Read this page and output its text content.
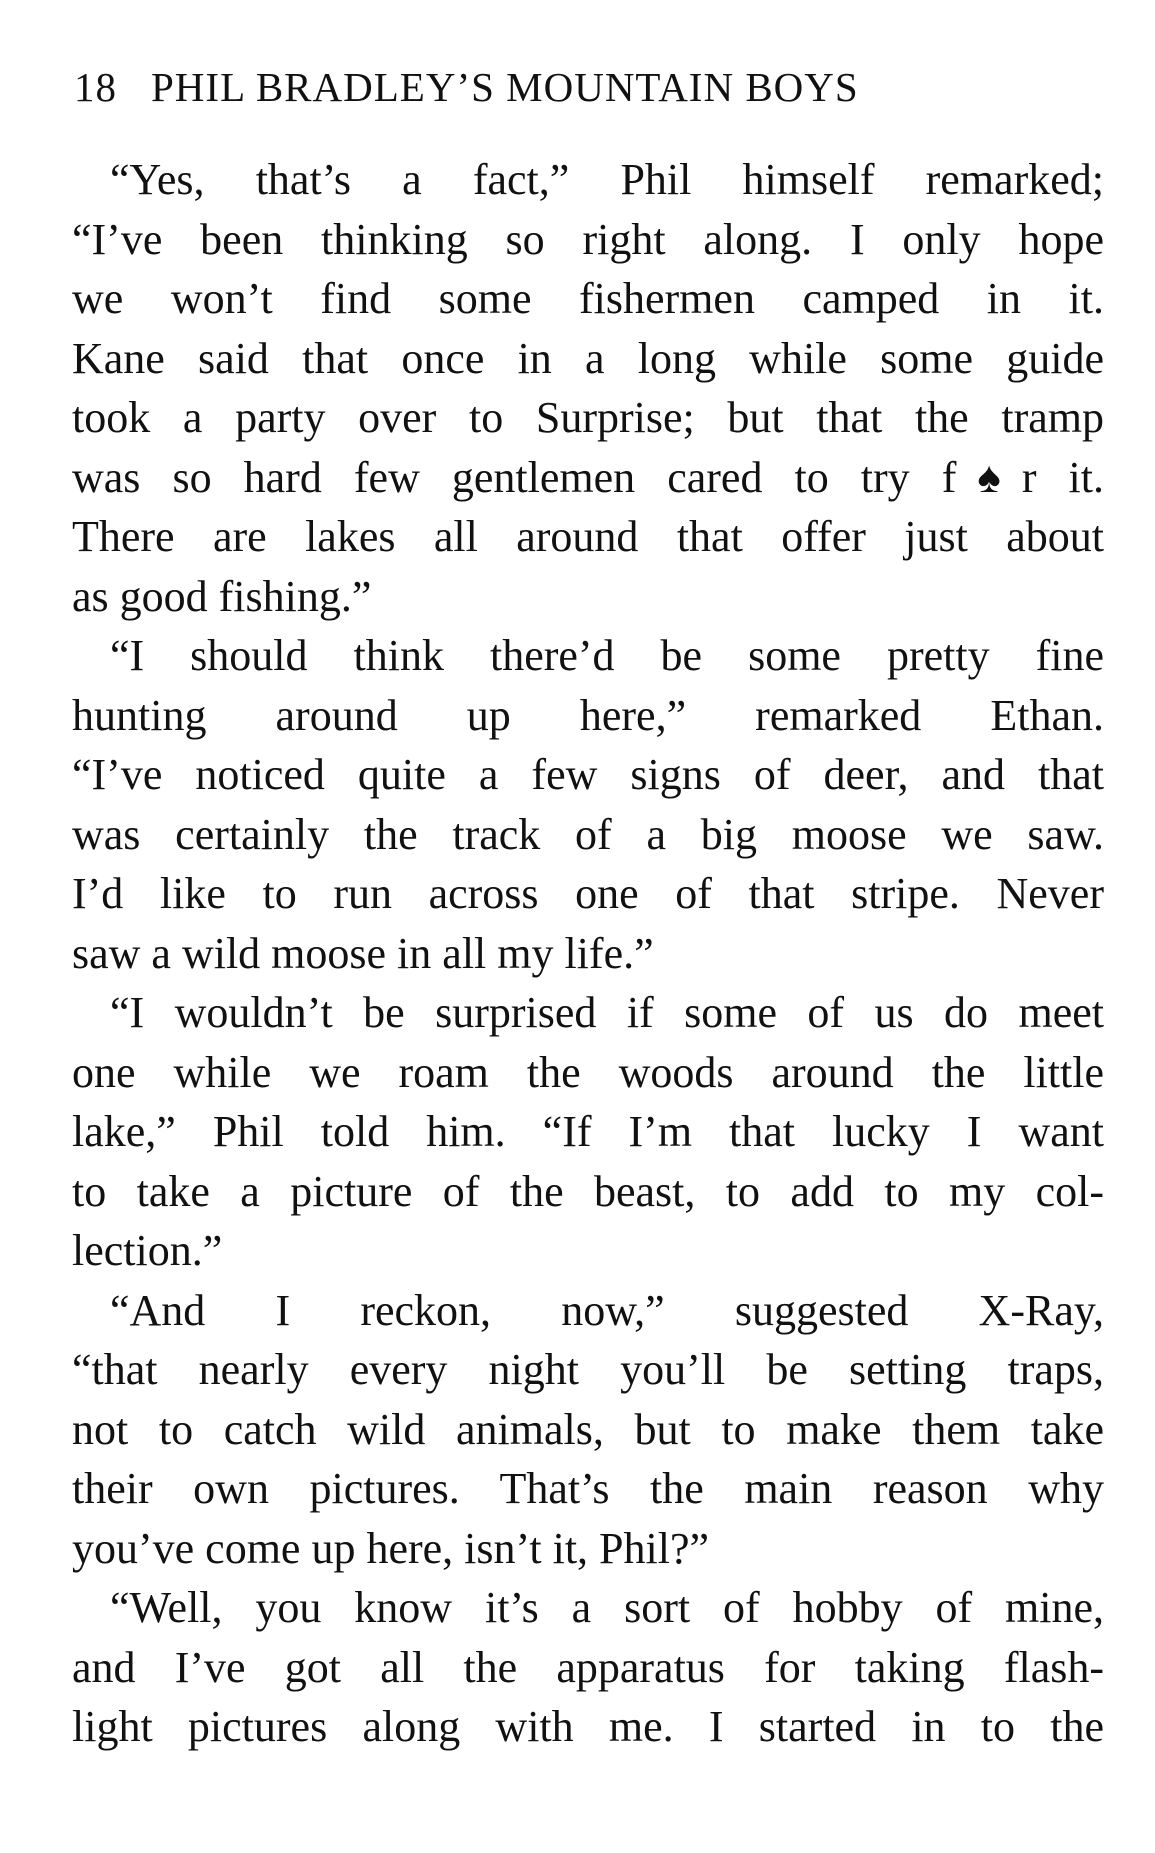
18 PHIL BRADLEY’S MOUNTAIN BOYS
“Yes, that’s a fact,” Phil himself remarked;
“I’ve been thinking so right along. I only hope
we won’t find some fishermen camped in it.
Kane said that once in a long while some guide
took a party over to Surprise; but that the tramp
was so hard few gentlemen cared to try f♠r it.
There are lakes all around that offer just about
as good fishing.”
“I should think there’d be some pretty fine
hunting around up here,” remarked Ethan.
“I’ve noticed quite a few signs of deer, and that
was certainly the track of a big moose we saw.
I’d like to run across one of that stripe. Never
saw a wild moose in all my life.”
“I wouldn’t be surprised if some of us do meet
one while we roam the woods around the little
lake,” Phil told him. “If I’m that lucky I want
to take a picture of the beast, to add to my col-
lection.”
“And I reckon, now,” suggested X-Ray,
“that nearly every night you’ll be setting traps,
not to catch wild animals, but to make them take
their own pictures. That’s the main reason why
you’ve come up here, isn’t it, Phil?”
“Well, you know it’s a sort of hobby of mine,
and I’ve got all the apparatus for taking flash-
light pictures along with me. I started in to the
